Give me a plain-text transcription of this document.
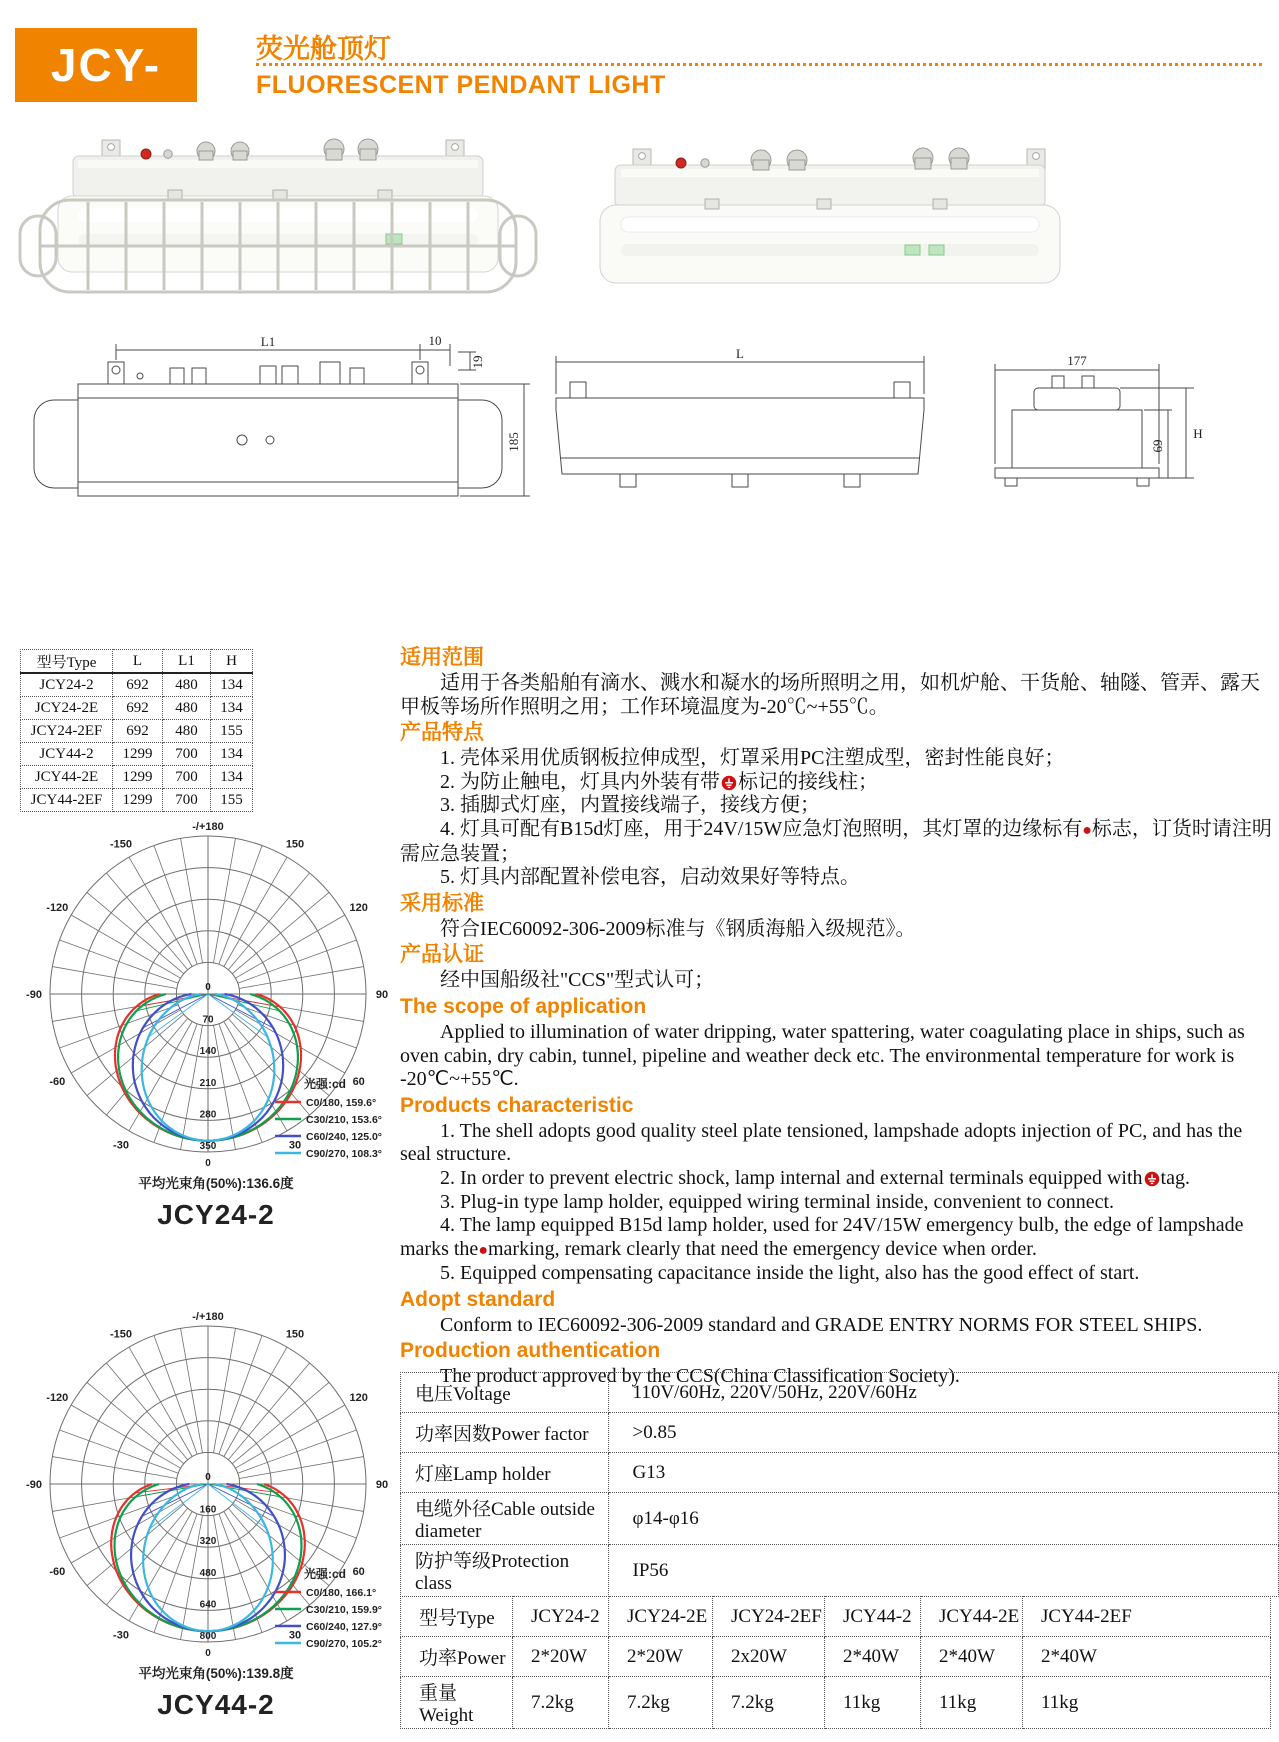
JCY-	荧光舱顶灯
FLUORESCENT PENDANT LIGHT
L1	10
19
185
L	177
H
69
型号Type	L	L1	H
JCY24-2	692	480	134
JCY24-2E	692	480	134
JCY24-2EF	692	480	155
JCY44-2	1299	700	134
JCY44-2E	1299	700	134
JCY44-2EF	1299	700	155
适用范围
适用于各类船舶有滴水、溅水和凝水的场所照明之用，如机炉舱、干货舱、轴隧、管弄、露天甲板等场所作照明之用；工作环境温度为-20℃~+55℃。
产品特点
1. 壳体采用优质钢板拉伸成型，灯罩采用PC注塑成型，密封性能良好；
2. 为防止触电，灯具内外装有带 标记的接线柱；
3. 插脚式灯座，内置接线端子，接线方便；
4. 灯具可配有B15d灯座，用于24V/15W应急灯泡照明，其灯罩的边缘标有●标志，订货时请注明需应急装置；
5. 灯具内部配置补偿电容，启动效果好等特点。
采用标准
符合IEC60092-306-2009标准与《钢质海船入级规范》。
产品认证
经中国船级社"CCS"型式认可；
The scope of application
Applied to illumination of water dripping, water spattering, water coagulating place in ships, such as oven cabin, dry cabin, tunnel, pipeline and weather deck etc. The environmental temperature for work is -20℃~+55℃.
Products characteristic
1. The shell adopts good quality steel plate tensioned, lampshade adopts injection of PC, and has the seal structure.
2. In order to prevent electric shock, lamp internal and external terminals equipped with tag.
3. Plug-in type lamp holder, equipped wiring terminal inside, convenient to connect.
4. The lamp equipped B15d lamp holder, used for 24V/15W emergency bulb, the edge of lampshade marks the●marking, remark clearly that need the emergency device when order.
5. Equipped compensating capacitance inside the light, also has the good effect of start.
Adopt standard
Conform to IEC60092-306-2009 standard and GRADE ENTRY NORMS FOR STEEL SHIPS.
Production authentication
The product approved by the CCS(China Classification Society).
-/+180
0
-150
-120
-90
-60
-30	30
60
90
120
150
0
70
140
210
280
350
光强:cd
C0/180, 159.6°
C30/210, 153.6°
C60/240, 125.0°
C90/270, 108.3°
平均光束角(50%):136.6度
JCY24-2
-/+180
0
-150
-120
-90
-60
-30	30
60
90
120
150
0
160
320
480
640
800
光强:cd
C0/180, 166.1°
C30/210, 159.9°
C60/240, 127.9°
C90/270, 105.2°
平均光束角(50%):139.8度
JCY44-2
电压Voltage	110V/60Hz, 220V/50Hz, 220V/60Hz
功率因数Power factor	>0.85
灯座Lamp holder	G13
电缆外径Cable outside diameter	φ14-φ16
防护等级Protection class	IP56
型号Type	JCY24-2	JCY24-2E	JCY24-2EF	JCY44-2	JCY44-2E	JCY44-2EF
功率Power	2*20W	2*20W	2x20W	2*40W	2*40W	2*40W
重量Weight	7.2kg	7.2kg	7.2kg	11kg	11kg	11kg
